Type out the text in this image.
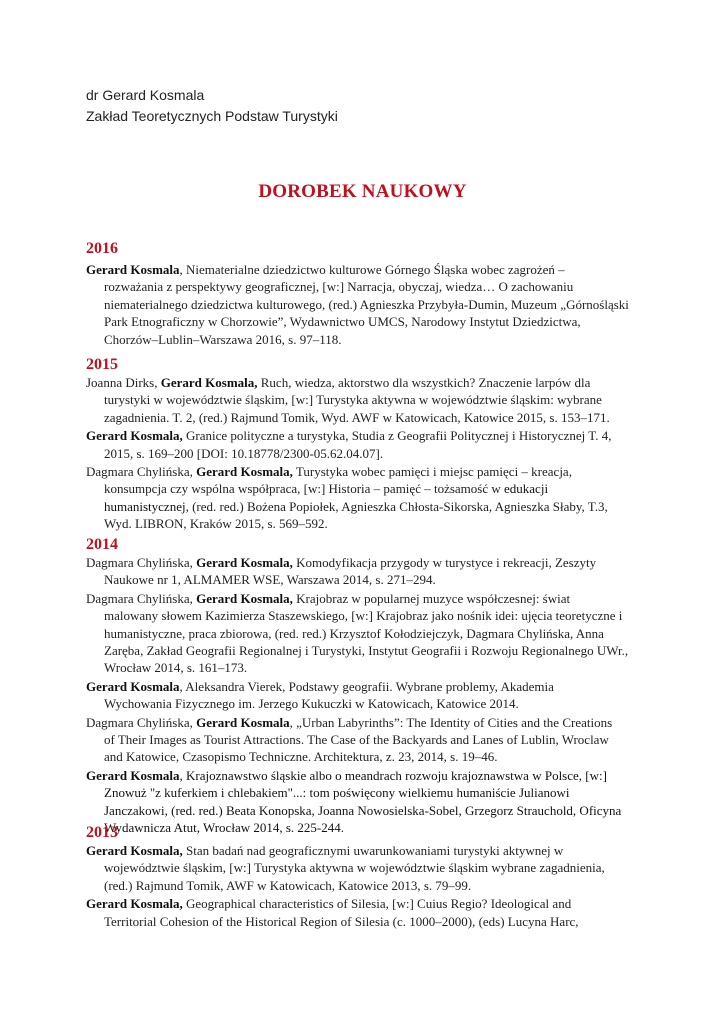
dr Gerard Kosmala
Zakład Teoretycznych Podstaw Turystyki
DOROBEK NAUKOWY
2016
Gerard Kosmala, Niematerialne dziedzictwo kulturowe Górnego Śląska wobec zagrożeń –
rozważania z perspektywy geograficznej, [w:] Narracja, obyczaj, wiedza… O zachowaniu
niematerialnego dziedzictwa kulturowego, (red.) Agnieszka Przybyła-Dumin, Muzeum „Górnośląski
Park Etnograficzny w Chorzowie”, Wydawnictwo UMCS, Narodowy Instytut Dziedzictwa,
Chorzów–Lublin–Warszawa 2016, s. 97–118.
2015
Joanna Dirks, Gerard Kosmala, Ruch, wiedza, aktorstwo dla wszystkich? Znaczenie larpów dla
turystyki w województwie śląskim, [w:] Turystyka aktywna w województwie śląskim: wybrane
zagadnienia. T. 2, (red.) Rajmund Tomik, Wyd. AWF w Katowicach, Katowice 2015, s. 153–171.
Gerard Kosmala, Granice polityczne a turystyka, Studia z Geografii Politycznej i Historycznej T. 4,
2015, s. 169–200 [DOI: 10.18778/2300-05.62.04.07].
Dagmara Chylińska, Gerard Kosmala, Turystyka wobec pamięci i miejsc pamięci – kreacja,
konsumpcja czy wspólna współpraca, [w:] Historia – pamięć – tożsamość w edukacji
humanistycznej, (red. red.) Bożena Popiołek, Agnieszka Chłosta-Sikorska, Agnieszka Słaby, T.3,
Wyd. LIBRON, Kraków 2015, s. 569–592.
2014
Dagmara Chylińska, Gerard Kosmala, Komodyfikacja przygody w turystyce i rekreacji, Zeszyty
Naukowe nr 1, ALMAMER WSE, Warszawa 2014, s. 271–294.
Dagmara Chylińska, Gerard Kosmala, Krajobraz w popularnej muzyce współczesnej: świat
malowany słowem Kazimierza Staszewskiego, [w:] Krajobraz jako nośnik idei: ujęcia teoretyczne i
humanistyczne, praca zbiorowa, (red. red.) Krzysztof Kołodziejczyk, Dagmara Chylińska, Anna
Zaręba, Zakład Geografii Regionalnej i Turystyki, Instytut Geografii i Rozwoju Regionalnego UWr.,
Wrocław 2014, s. 161–173.
Gerard Kosmala, Aleksandra Vierek, Podstawy geografii. Wybrane problemy, Akademia
Wychowania Fizycznego im. Jerzego Kukuczki w Katowicach, Katowice 2014.
Dagmara Chylińska, Gerard Kosmala, „Urban Labyrinths”: The Identity of Cities and the Creations
of Their Images as Tourist Attractions. The Case of the Backyards and Lanes of Lublin, Wroclaw
and Katowice, Czasopismo Techniczne. Architektura, z. 23, 2014, s. 19–46.
Gerard Kosmala, Krajoznawstwo śląskie albo o meandrach rozwoju krajoznawstwa w Polsce, [w:]
Znowuż "z kuferkiem i chlebakiem"...: tom poświęcony wielkiemu humaniście Julianowi
Janczakowi, (red. red.) Beata Konopska, Joanna Nowosielska-Sobel, Grzegorz Strauchold, Oficyna
Wydawnicza Atut, Wrocław 2014, s. 225-244.
2013
Gerard Kosmala, Stan badań nad geograficznymi uwarunkowaniami turystyki aktywnej w
województwie śląskim, [w:] Turystyka aktywna w województwie śląskim wybrane zagadnienia,
(red.) Rajmund Tomik, AWF w Katowicach, Katowice 2013, s. 79–99.
Gerard Kosmala, Geographical characteristics of Silesia, [w:] Cuius Regio? Ideological and
Territorial Cohesion of the Historical Region of Silesia (c. 1000–2000), (eds) Lucyna Harc,
